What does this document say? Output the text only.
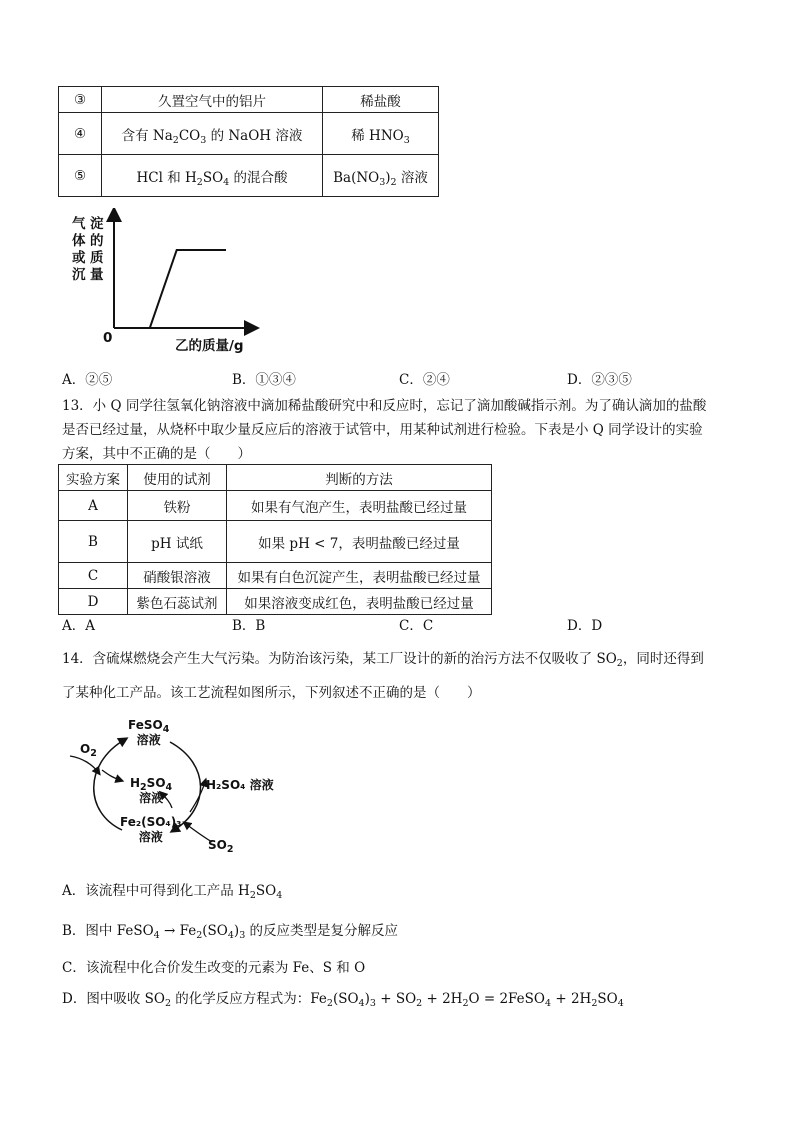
③	久置空气中的铝片	稀盐酸
④	含有 $Na_2CO_3$ 的 NaOH 溶液	稀 $HNO_3$
⑤	HCl 和 $H_2SO_4$ 的混合酸	$Ba(NO_3)_2$ 溶液
气
体
或
沉
淀
的
质
量
0	乙的质量/g
A．②⑤	B．①③④	C．②④	D．②③⑤
13．小 Q 同学往氢氧化钠溶液中滴加稀盐酸研究中和反应时，忘记了滴加酸碱指示剂。为了确认滴加的盐酸
是否已经过量，从烧杯中取少量反应后的溶液于试管中，用某种试剂进行检验。下表是小 Q 同学设计的实验
方案，其中不正确的是（　　）
实验方案	使用的试剂	判断的方法
A	铁粉	如果有气泡产生，表明盐酸已经过量
B	pH 试纸	如果 pH < 7，表明盐酸已经过量
C	硝酸银溶液	如果有白色沉淀产生，表明盐酸已经过量
D	紫色石蕊试剂	如果溶液变成红色，表明盐酸已经过量
A．A	B．B	C．C	D．D
14．含硫煤燃烧会产生大气污染。为防治该污染，某工厂设计的新的治污方法不仅吸收了 $SO_2$，同时还得到
了某种化工产品。该工艺流程如图所示，下列叙述不正确的是（　　）
FeSO$_4$
溶液
$O_2$
$H_2SO_4$
溶液
H₂SO₄ 溶液
Fe₂(SO₄)₃
溶液
$SO_2$
A．该流程中可得到化工产品 $H_2SO_4$
B．图中 FeSO$_4$ → $Fe_2(SO_4)_3$ 的反应类型是复分解反应
C．该流程中化合价发生改变的元素为 Fe、S 和 O
D．图中吸收 $SO_2$ 的化学反应方程式为：$Fe_2(SO_4)_3 + SO_2 + 2H_2O$ = 2FeSO$_4$ + $2H_2SO_4$
